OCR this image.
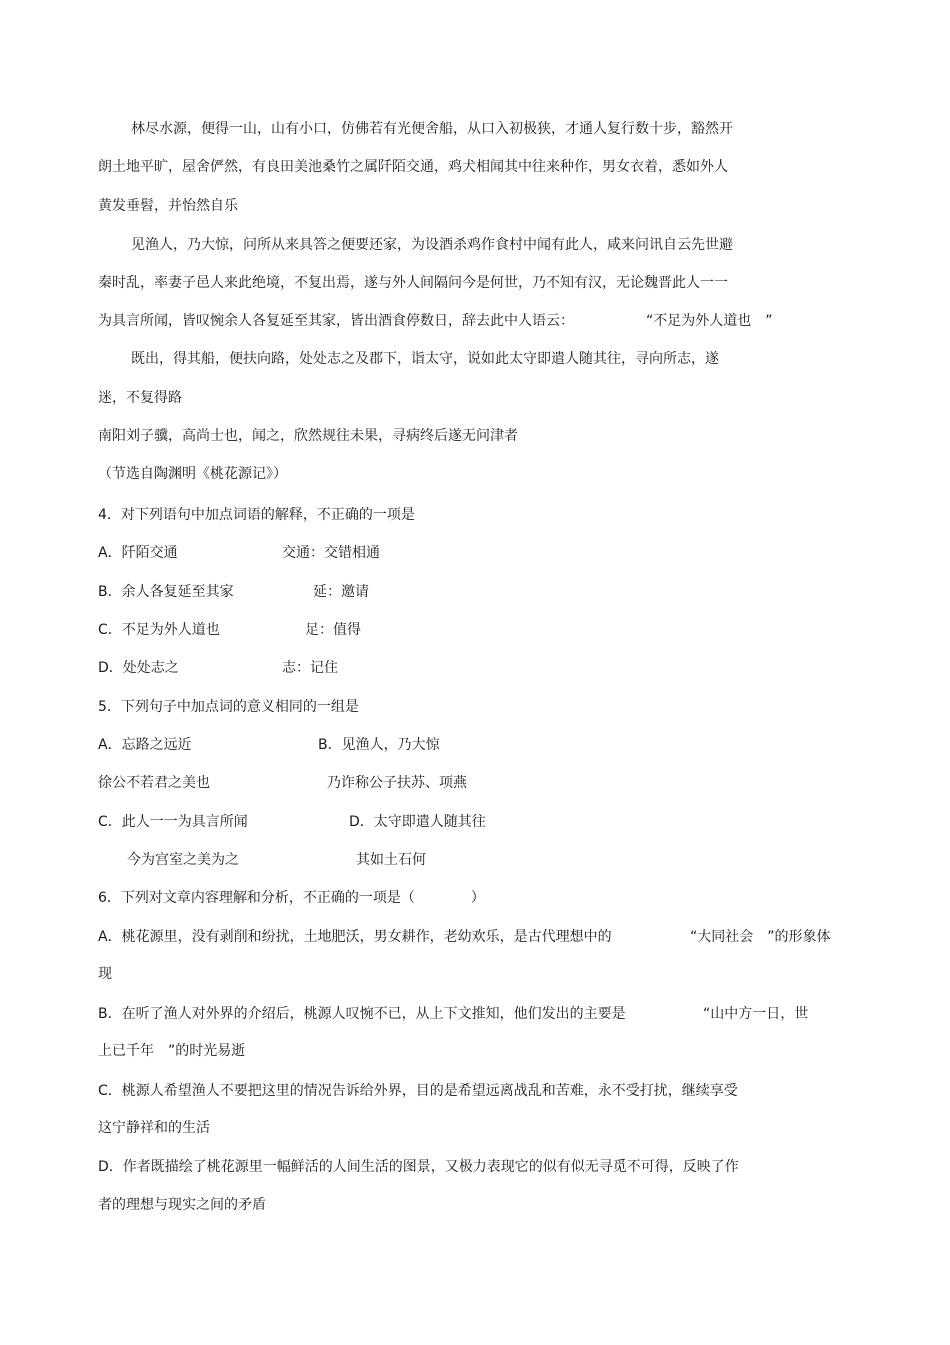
林尽水源，便得一山，山有小口，仿佛若有光便舍船，从口入初极狭，才通人复行数十步，豁然开
朗土地平旷，屋舍俨然，有良田美池桑竹之属阡陌交通，鸡犬相闻其中往来种作，男女衣着，悉如外人
黄发垂髫，并怡然自乐
见渔人，乃大惊，问所从来具答之便要还家，为设酒杀鸡作食村中闻有此人，咸来问讯自云先世避
秦时乱，率妻子邑人来此绝境，不复出焉，遂与外人间隔问今是何世，乃不知有汉，无论魏晋此人一一
为具言所闻，皆叹惋余人各复延至其家，皆出酒食停数日，辞去此中人语云：	“不足为外人道也　”
既出，得其船，便扶向路，处处志之及郡下，诣太守，说如此太守即遣人随其往，寻向所志，遂
迷，不复得路
南阳刘子骥，高尚士也，闻之，欣然规往未果，寻病终后遂无问津者
（节选自陶渊明《桃花源记》）
4．对下列语句中加点词语的解释，不正确的一项是
A．阡陌交通	交通：交错相通
B．余人各复延至其家	延：邀请
C．不足为外人道也	足：值得
D．处处志之	志：记住
5．下列句子中加点词的意义相同的一组是
A．忘路之远近	B．见渔人，乃大惊
徐公不若君之美也	乃诈称公子扶苏、项燕
C．此人一一为具言所闻	D．太守即遣人随其往
今为宫室之美为之	其如土石何
6．下列对文章内容理解和分析，不正确的一项是（　　　　）
A．桃花源里，没有剥削和纷扰，土地肥沃，男女耕作，老幼欢乐，是古代理想中的	“大同社会　”的形象体
现
B．在听了渔人对外界的介绍后，桃源人叹惋不已，从上下文推知，他们发出的主要是	“山中方一日，世
上已千年　”的时光易逝
C．桃源人希望渔人不要把这里的情况告诉给外界，目的是希望远离战乱和苦难，永不受打扰，继续享受
这宁静祥和的生活
D．作者既描绘了桃花源里一幅鲜活的人间生活的图景，又极力表现它的似有似无寻觅不可得，反映了作
者的理想与现实之间的矛盾
